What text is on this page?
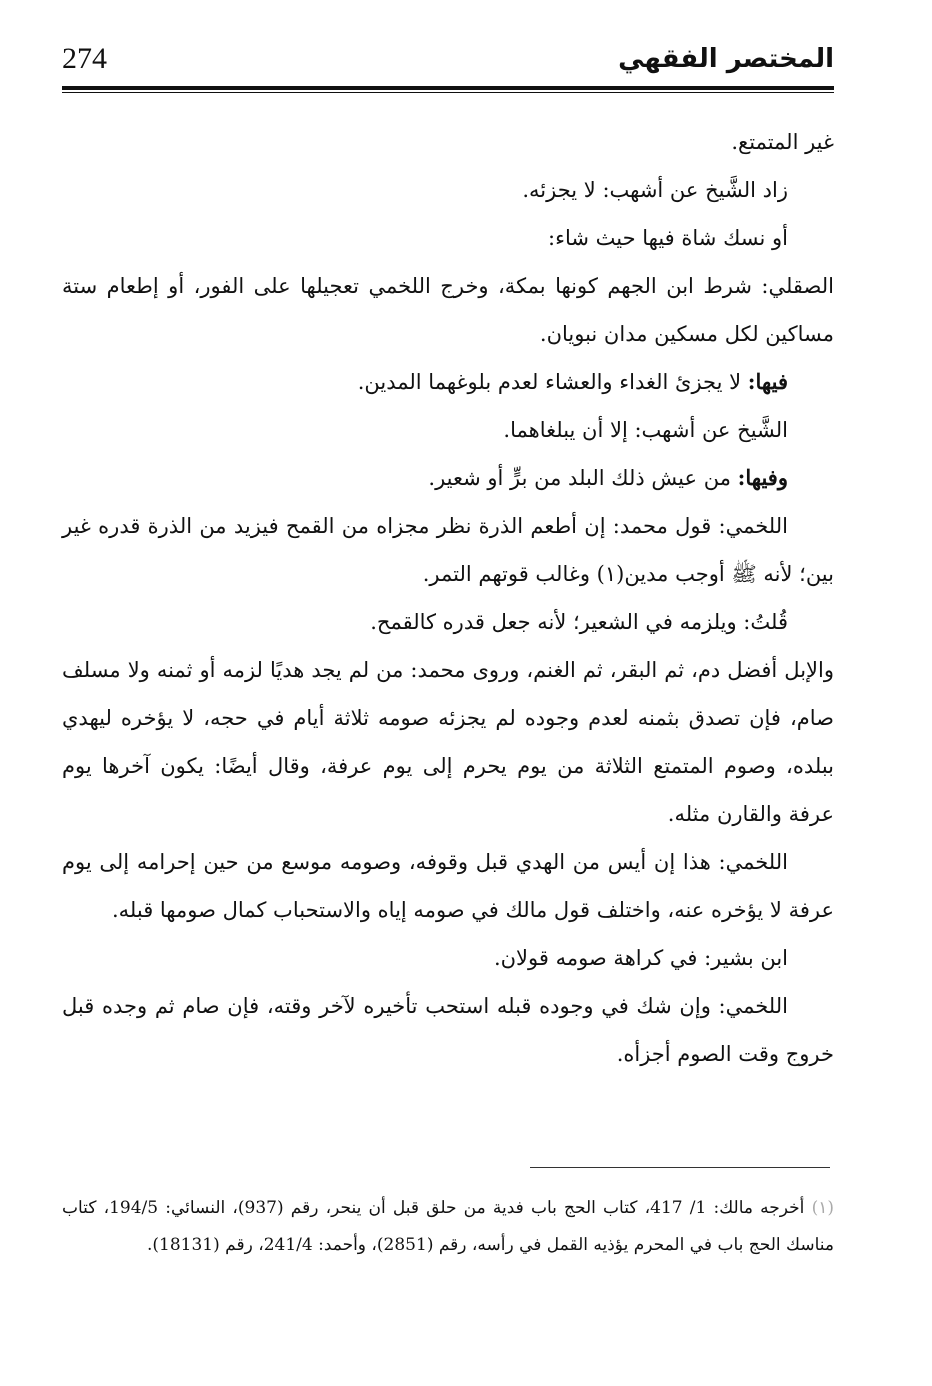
274	المختصر الفقهي

غير المتمتع.

زاد الشَّيخ عن أشهب: لا يجزئه.

أو نسك شاة فيها حيث شاء:

الصقلي: شرط ابن الجهم كونها بمكة، وخرج اللخمي تعجيلها على الفور، أو إطعام ستة مساكين لكل مسكين مدان نبويان.

فيها: لا يجزئ الغداء والعشاء لعدم بلوغهما المدين.

الشَّيخ عن أشهب: إلا أن يبلغاهما.

وفيها: من عيش ذلك البلد من برٍّ أو شعير.

اللخمي: قول محمد: إن أطعم الذرة نظر مجزاه من القمح فيزيد من الذرة قدره غير بين؛ لأنه ﷺ أوجب مدين(١) وغالب قوتهم التمر.

قُلتُ: ويلزمه في الشعير؛ لأنه جعل قدره كالقمح.

والإبل أفضل دم، ثم البقر، ثم الغنم، وروى محمد: من لم يجد هديًا لزمه أو ثمنه ولا مسلف صام، فإن تصدق بثمنه لعدم وجوده لم يجزئه صومه ثلاثة أيام في حجه، لا يؤخره ليهدي ببلده، وصوم المتمتع الثلاثة من يوم يحرم إلى يوم عرفة، وقال أيضًا: يكون آخرها يوم عرفة والقارن مثله.

اللخمي: هذا إن أيس من الهدي قبل وقوفه، وصومه موسع من حين إحرامه إلى يوم عرفة لا يؤخره عنه، واختلف قول مالك في صومه إياه والاستحباب كمال صومها قبله.

ابن بشير: في كراهة صومه قولان.

اللخمي: وإن شك في وجوده قبله استحب تأخيره لآخر وقته، فإن صام ثم وجده قبل خروج وقت الصوم أجزأه.

(١) أخرجه مالك: 1/ 417، كتاب الحج باب فدية من حلق قبل أن ينحر، رقم (937)، النسائي: 194/5، كتاب مناسك الحج باب في المحرم يؤذيه القمل في رأسه، رقم (2851)، وأحمد: 241/4، رقم (18131).
